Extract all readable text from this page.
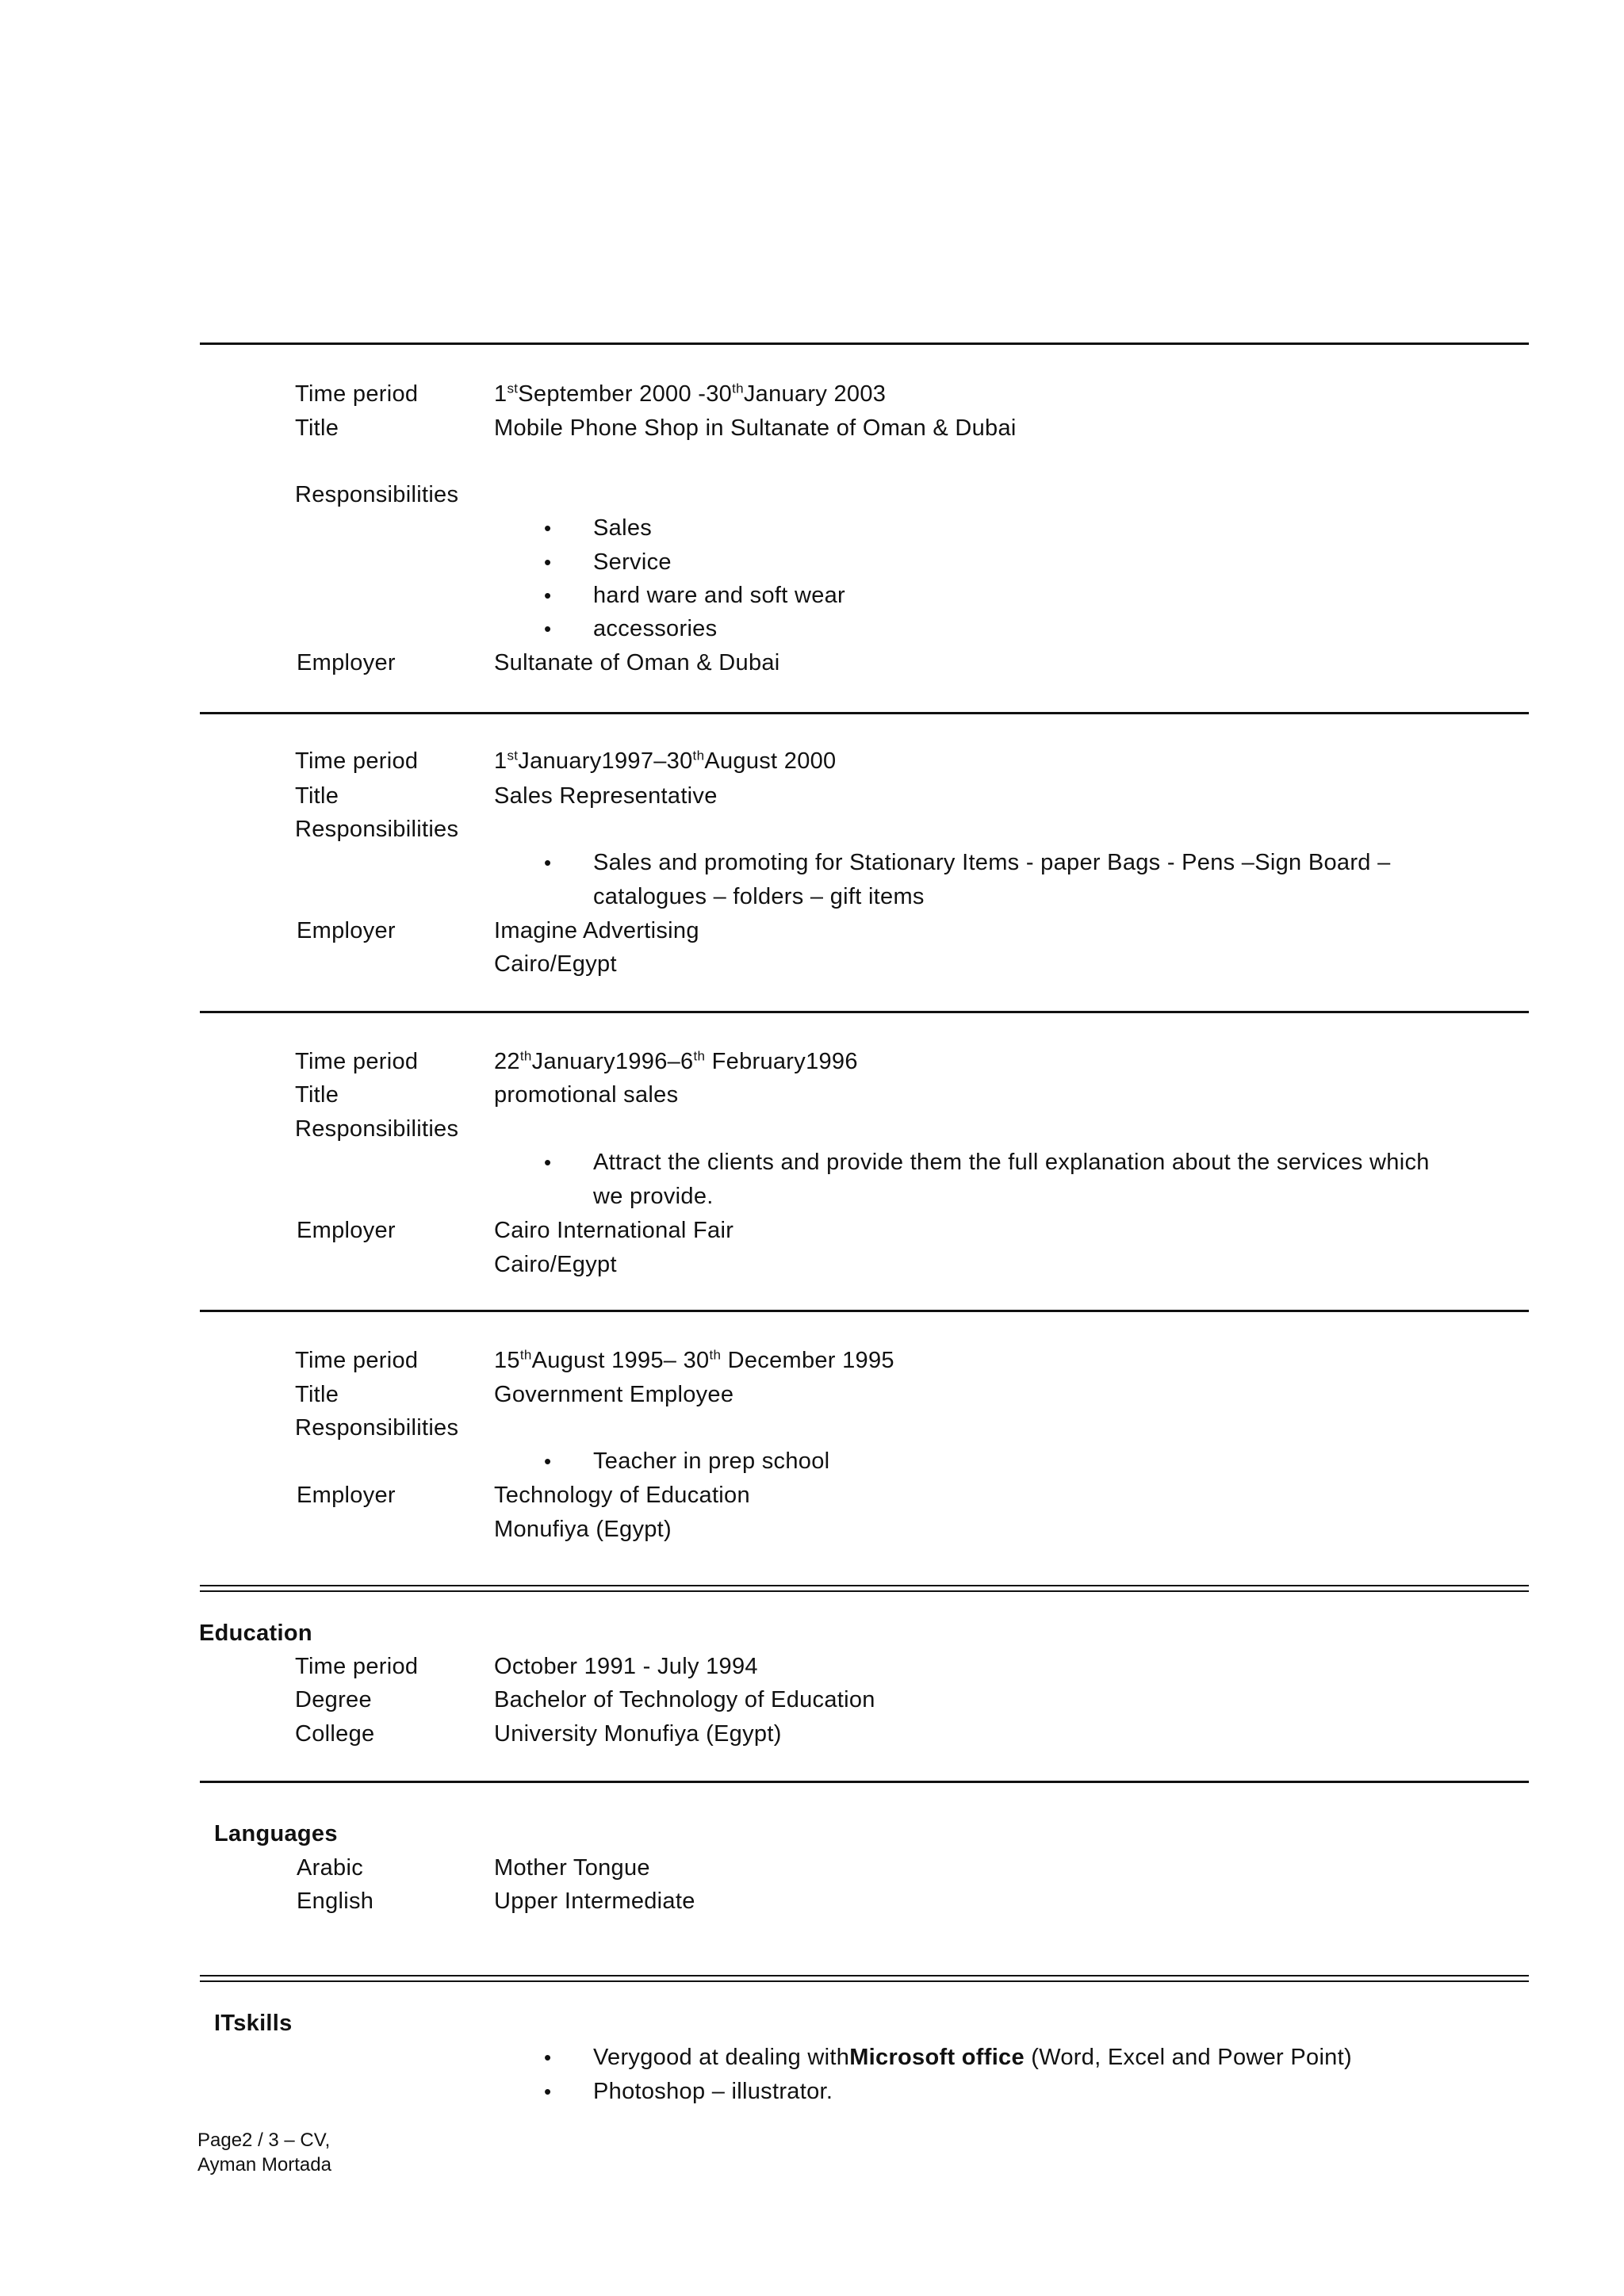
Time period	1stSeptember 2000 -30thJanuary 2003
Title	Mobile Phone Shop in Sultanate of Oman & Dubai
Responsibilities
• Sales
• Service
• hard ware and soft wear
• accessories
Employer	Sultanate of Oman & Dubai
Time period	1stJanuary1997–30thAugust 2000
Title	Sales Representative
Responsibilities
• Sales and promoting for Stationary Items - paper Bags - Pens –Sign Board –
catalogues – folders – gift items
Employer	Imagine Advertising
Cairo/Egypt
Time period	22thJanuary1996–6th February1996
Title	promotional sales
Responsibilities
• Attract the clients and provide them the full explanation about the services which
we provide.
Employer	Cairo International Fair
Cairo/Egypt
Time period	15thAugust 1995– 30th December 1995
Title	Government Employee
Responsibilities
• Teacher in prep school
Employer	Technology of Education
Monufiya (Egypt)
Education
Time period	October 1991 - July 1994
Degree	Bachelor of Technology of Education
College	University Monufiya (Egypt)
Languages
Arabic	Mother Tongue
English	Upper Intermediate
ITskills
• Verygood at dealing withMicrosoft office (Word, Excel and Power Point)
• Photoshop – illustrator.
Page2 / 3 – CV,
Ayman Mortada
